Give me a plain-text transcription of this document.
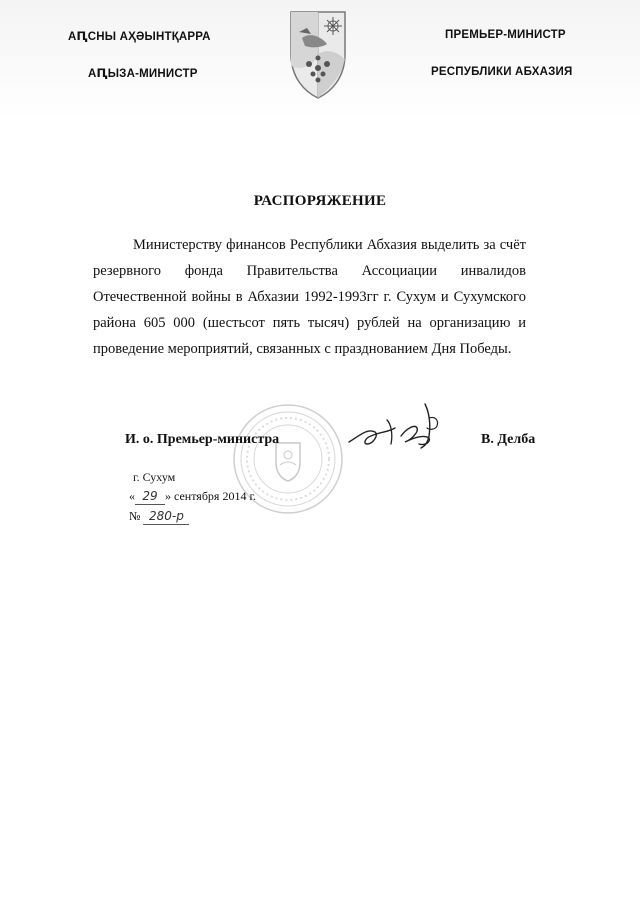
АԤСНЫ АҲӘЫНТҚАРРА
АԤЫЗА-МИНИСТР
ПРЕМЬЕР-МИНИСТР
РЕСПУБЛИКИ АБХАЗИЯ
РАСПОРЯЖЕНИЕ
Министерству финансов Республики Абхазия выделить за счёт резервного фонда Правительства Ассоциации инвалидов Отечественной войны в Абхазии 1992-1993гг г. Сухум и Сухумского района 605 000 (шестьсот пять тысяч) рублей на организацию и проведение мероприятий, связанных с празднованием Дня Победы.
И. о. Премьер-министра	В. Делба
г. Сухум
« 29 » сентября 2014 г.
№ 280-р
